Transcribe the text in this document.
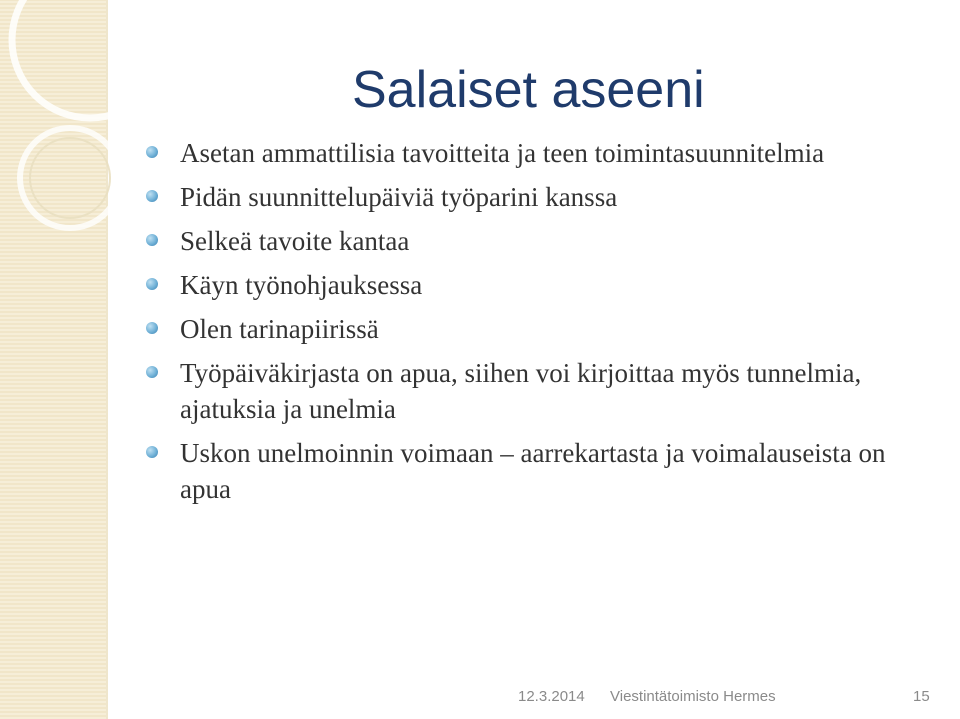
Salaiset aseeni
Asetan ammattilisia tavoitteita ja teen toimintasuunnitelmia
Pidän suunnittelupäiviä työparini kanssa
Selkeä tavoite kantaa
Käyn työnohjauksessa
Olen tarinapiirissä
Työpäiväkirjasta on apua, siihen voi kirjoittaa myös tunnelmia, ajatuksia ja unelmia
Uskon unelmoinnin voimaan – aarrekartasta ja voimalauseista on apua
12.3.2014 Viestintätoimisto Hermes	15
